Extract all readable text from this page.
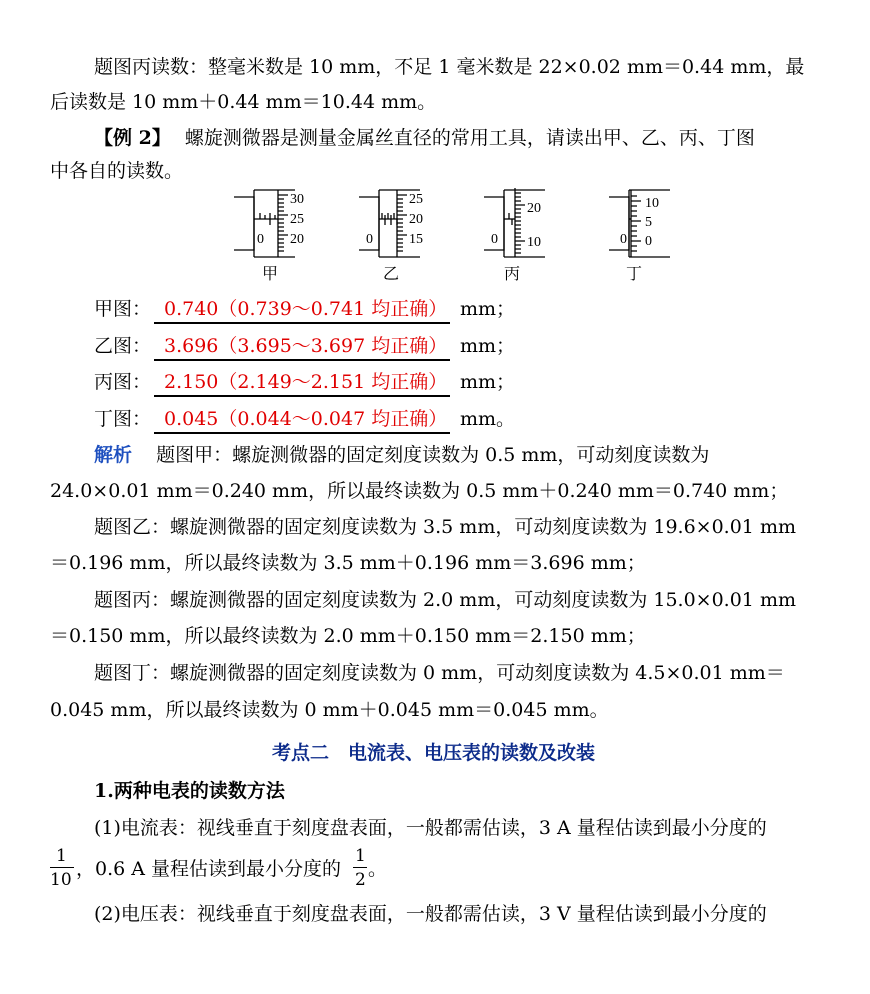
题图丙读数：整毫米数是 10 mm，不足 1 毫米数是 22×0.02 mm＝0.44 mm，最
后读数是 10 mm＋0.44 mm＝10.44 mm。
【例 2】 螺旋测微器是测量金属丝直径的常用工具，请读出甲、乙、丙、丁图
中各自的读数。
30
25
20
0
25
20
15
0
20
10
0
10
5
0
0
甲	乙	丙	丁
甲图： 0.740（0.739～0.741 均正确） mm；
乙图： 3.696（3.695～3.697 均正确） mm；
丙图： 2.150（2.149～2.151 均正确） mm；
丁图： 0.045（0.044～0.047 均正确） mm。
解析 题图甲：螺旋测微器的固定刻度读数为 0.5 mm，可动刻度读数为
24.0×0.01 mm＝0.240 mm，所以最终读数为 0.5 mm＋0.240 mm＝0.740 mm；
题图乙：螺旋测微器的固定刻度读数为 3.5 mm，可动刻度读数为 19.6×0.01 mm
＝0.196 mm，所以最终读数为 3.5 mm＋0.196 mm＝3.696 mm；
题图丙：螺旋测微器的固定刻度读数为 2.0 mm，可动刻度读数为 15.0×0.01 mm
＝0.150 mm，所以最终读数为 2.0 mm＋0.150 mm＝2.150 mm；
题图丁：螺旋测微器的固定刻度读数为 0 mm，可动刻度读数为 4.5×0.01 mm＝
0.045 mm，所以最终读数为 0 mm＋0.045 mm＝0.045 mm。
考点二　电流表、电压表的读数及改装
1.两种电表的读数方法
(1)电流表：视线垂直于刻度盘表面，一般都需估读，3 A 量程估读到最小分度的
1
10 ，0.6 A 量程估读到最小分度的
1
2 。
(2)电压表：视线垂直于刻度盘表面，一般都需估读，3 V 量程估读到最小分度的
